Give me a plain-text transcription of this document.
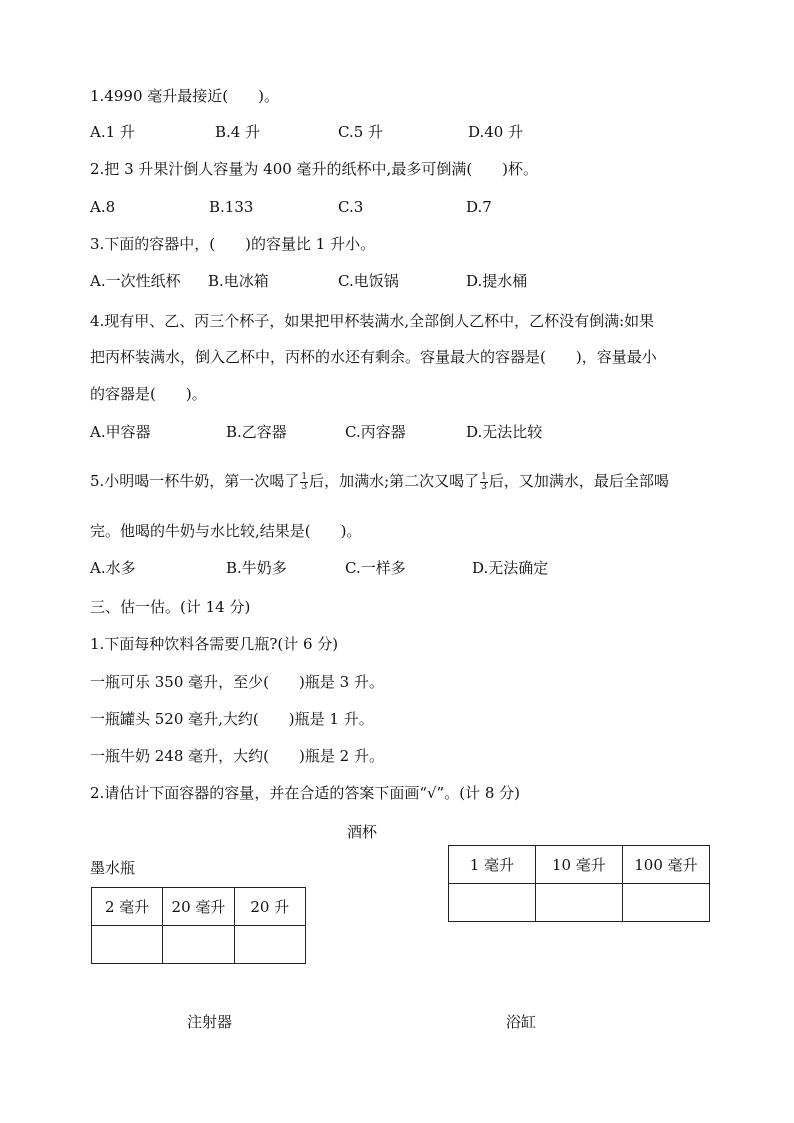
1.4990 毫升最接近(　　)。
A.1 升	B.4 升	C.5 升	D.40 升
2.把 3 升果汁倒人容量为 400 毫升的纸杯中,最多可倒满(　　)杯。
A.8	B.133	C.3	D.7
3.下面的容器中，(　　)的容量比 1 升小。
A.一次性纸杯 B.电冰箱	C.电饭锅	D.提水桶
4.现有甲、乙、丙三个杯子，如果把甲杯装满水,全部倒人乙杯中，乙杯没有倒满:如果
把丙杯装满水，倒入乙杯中，丙杯的水还有剩余。容量最大的容器是(　　)，容量最小
的容器是(　　)。
A.甲容器	B.乙容器	C.丙容器	D.无法比较
5.小明喝一杯牛奶，第一次喝了 $\frac{1}{3}$ 后，加满水;第二次又喝了 $\frac{1}{3}$ 后，又加满水，最后全部喝
完。他喝的牛奶与水比较,结果是(　　)。
A.水多	B.牛奶多	C.一样多	D.无法确定
三、估一估。(计 14 分)
1.下面每种饮料各需要几瓶?(计 6 分)
一瓶可乐 350 毫升，至少(　　)瓶是 3 升。
一瓶罐头 520 毫升,大约(　　)瓶是 1 升。
一瓶牛奶 248 毫升，大约(　　)瓶是 2 升。
2.请估计下面容器的容量，并在合适的答案下面画“√”。(计 8 分)
酒杯
1 毫升	10 毫升	100 毫升

墨水瓶
2 毫升	20 毫升	20 升

注射器	浴缸
